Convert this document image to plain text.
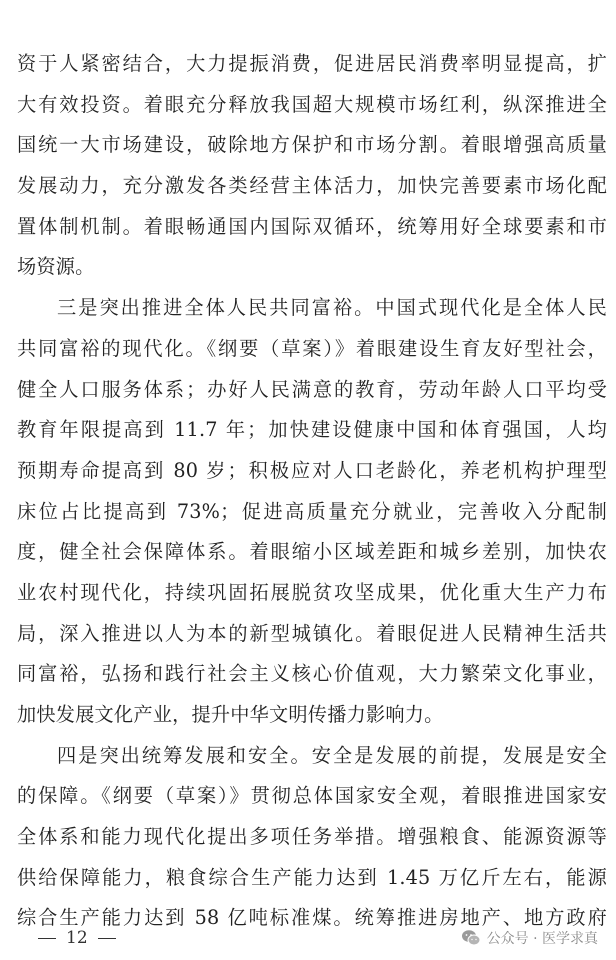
资于人紧密结合，大力提振消费，促进居民消费率明显提高，扩
大有效投资。着眼充分释放我国超大规模市场红利，纵深推进全
国统一大市场建设，破除地方保护和市场分割。着眼增强高质量
发展动力，充分激发各类经营主体活力，加快完善要素市场化配
置体制机制。着眼畅通国内国际双循环，统筹用好全球要素和市
场资源。
三是突出推进全体人民共同富裕。中国式现代化是全体人民
共同富裕的现代化。《纲要（草案）》着眼建设生育友好型社会，
健全人口服务体系；办好人民满意的教育，劳动年龄人口平均受
教育年限提高到 11.7 年；加快建设健康中国和体育强国，人均
预期寿命提高到 80 岁；积极应对人口老龄化，养老机构护理型
床位占比提高到 73%；促进高质量充分就业，完善收入分配制
度，健全社会保障体系。着眼缩小区域差距和城乡差别，加快农
业农村现代化，持续巩固拓展脱贫攻坚成果，优化重大生产力布
局，深入推进以人为本的新型城镇化。着眼促进人民精神生活共
同富裕，弘扬和践行社会主义核心价值观，大力繁荣文化事业，
加快发展文化产业，提升中华文明传播力影响力。
四是突出统筹发展和安全。安全是发展的前提，发展是安全
的保障。《纲要（草案）》贯彻总体国家安全观，着眼推进国家安
全体系和能力现代化提出多项任务举措。增强粮食、能源资源等
供给保障能力，粮食综合生产能力达到 1.45 万亿斤左右，能源
综合生产能力达到 58 亿吨标准煤。统筹推进房地产、地方政府
12	公众号 · 医学求真
